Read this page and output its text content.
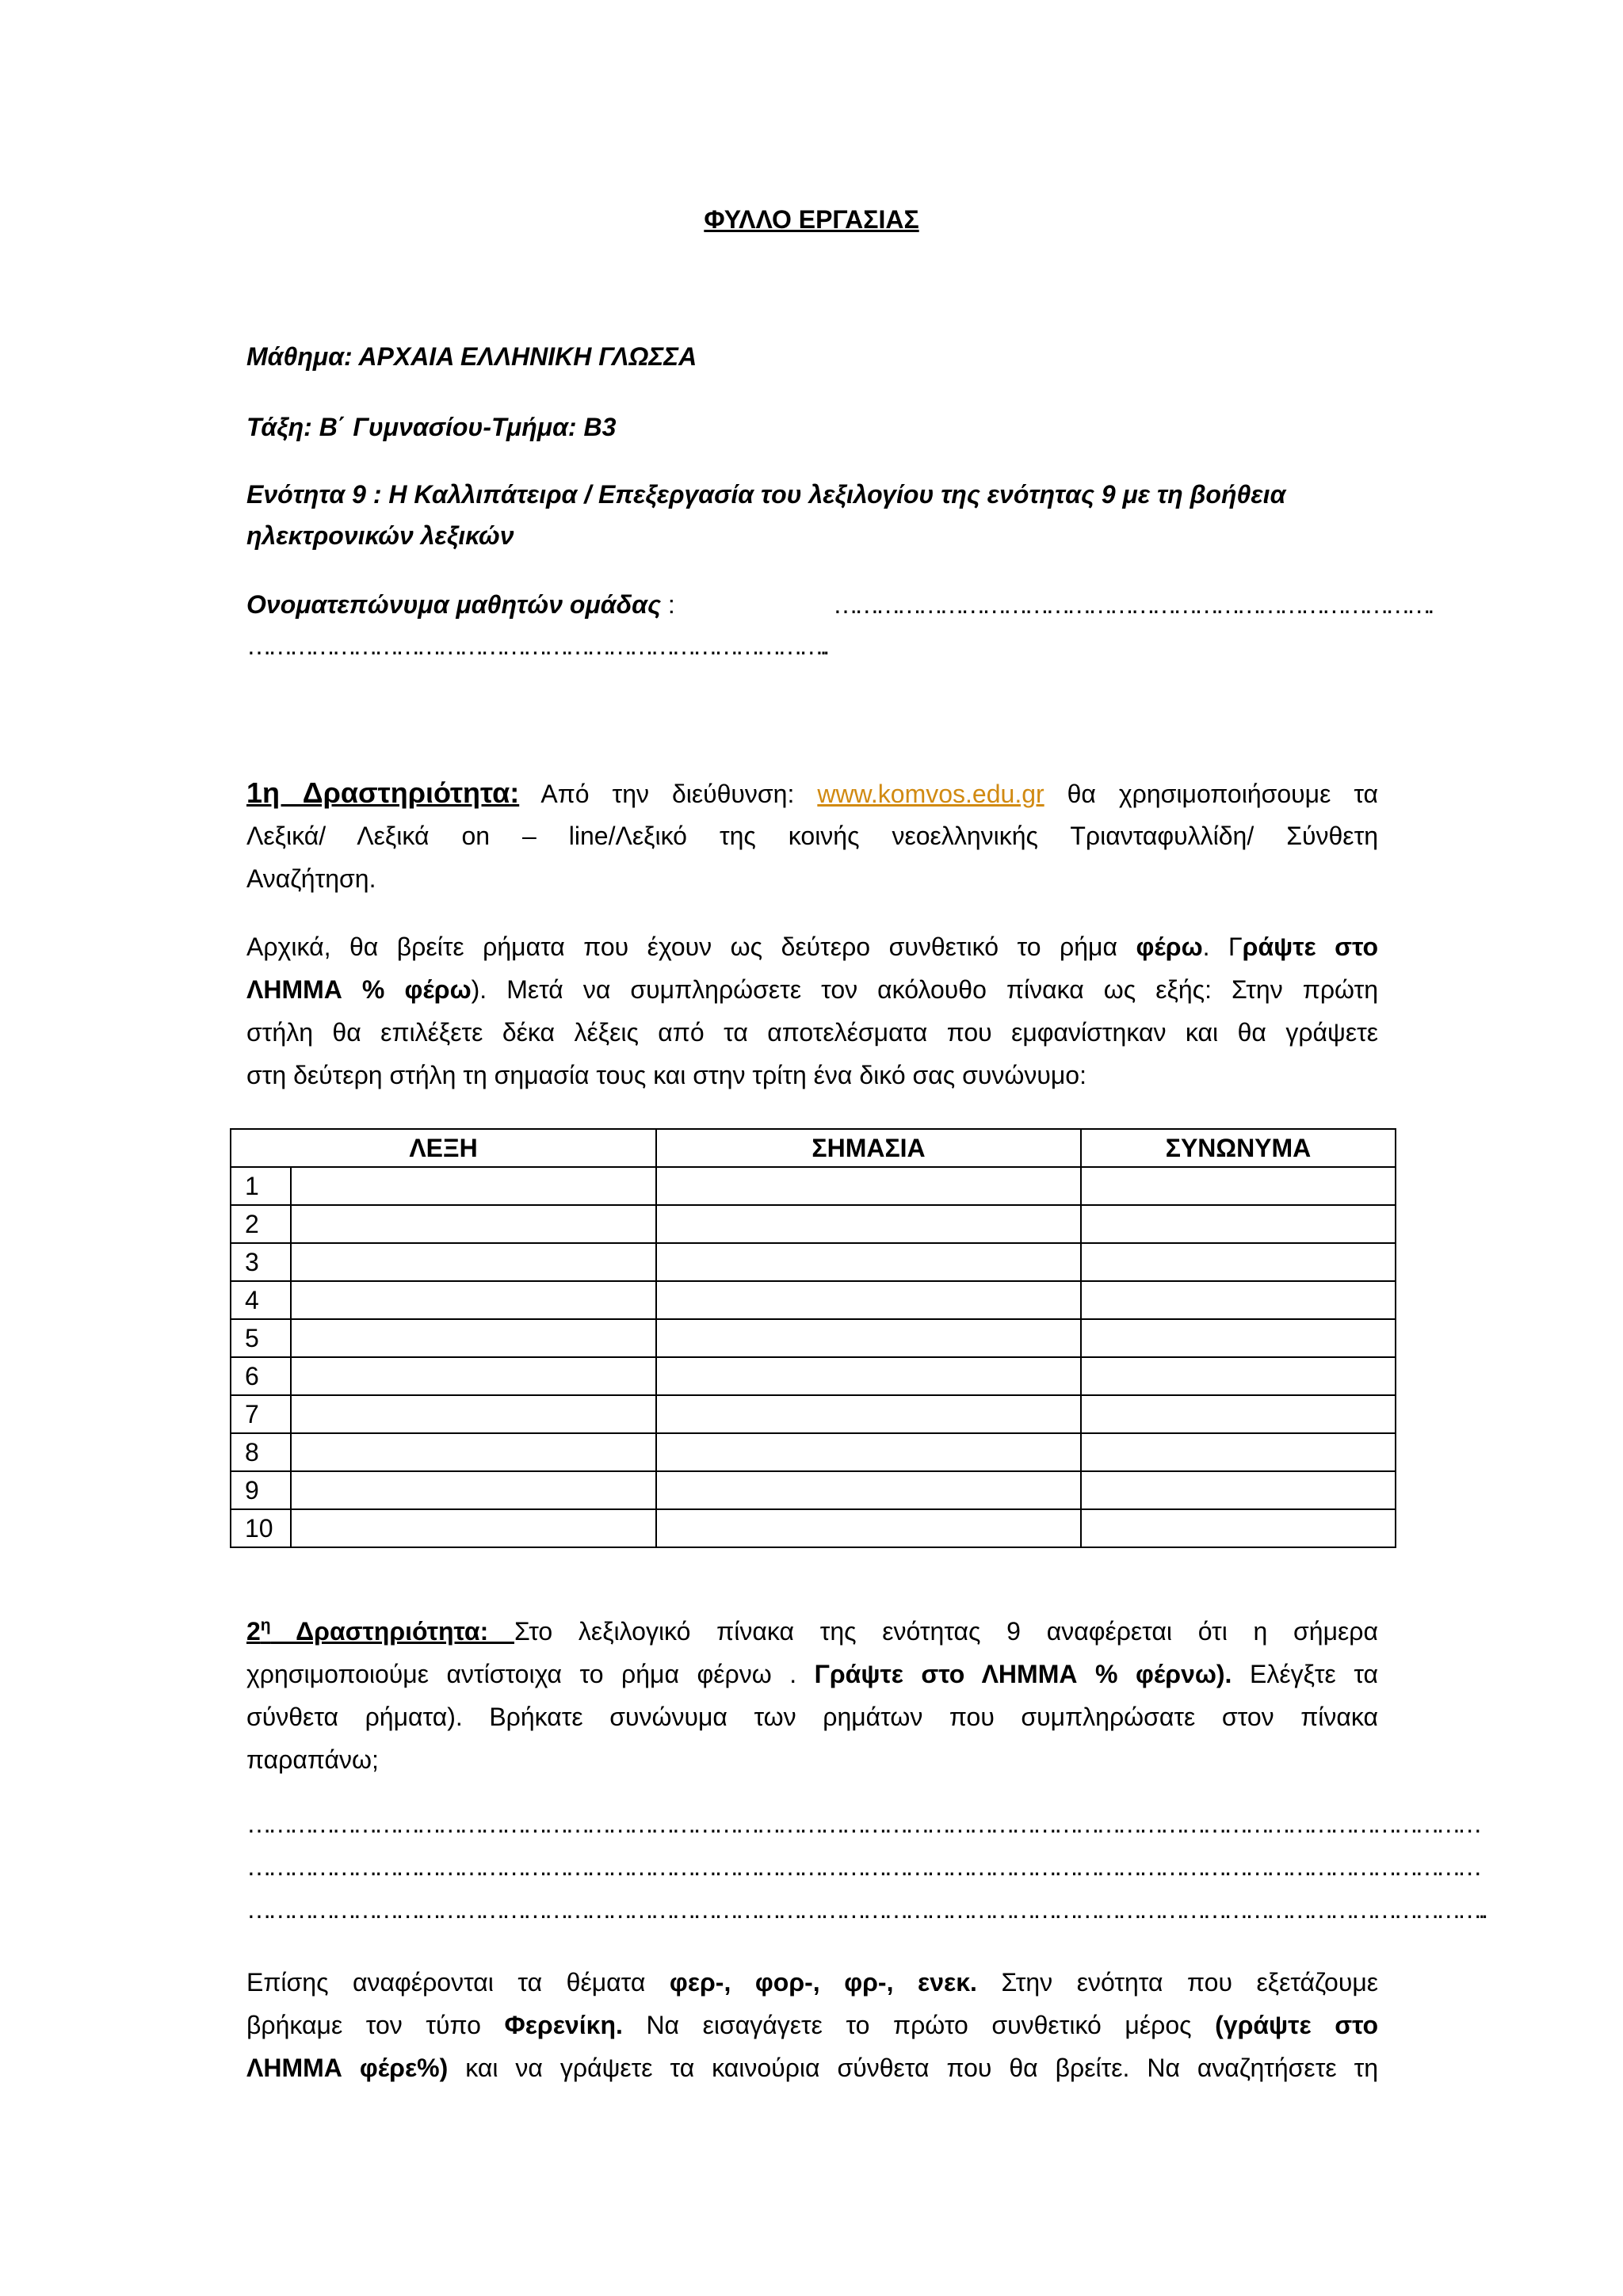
ΦΥΛΛΟ ΕΡΓΑΣΙΑΣ
Μάθημα: ΑΡΧΑΙΑ ΕΛΛΗΝΙΚΗ ΓΛΩΣΣΑ
Τάξη: Β΄ Γυμνασίου-Τμήμα: Β3
Ενότητα 9 : Η Καλλιπάτειρα / Επεξεργασία του λεξιλογίου της ενότητας 9 με τη βοήθεια
ηλεκτρονικών λεξικών
Ονοματεπώνυμα μαθητών ομάδας :	………………………………………………………………………….
………………………………………………………………………..
1η Δραστηριότητα: Από την διεύθυνση: www.komvos.edu.gr θα χρησιμοποιήσουμε τα
Λεξικά/ Λεξικά on – line/Λεξικό της κοινής νεοελληνικής Τριανταφυλλίδη/ Σύνθετη
Αναζήτηση.
Αρχικά, θα βρείτε ρήματα που έχουν ως δεύτερο συνθετικό το ρήμα φέρω. Γράψτε στο
ΛΗΜΜΑ % φέρω). Μετά να συμπληρώσετε τον ακόλουθο πίνακα ως εξής: Στην πρώτη
στήλη θα επιλέξετε δέκα λέξεις από τα αποτελέσματα που εμφανίστηκαν και θα γράψετε
στη δεύτερη στήλη τη σημασία τους και στην τρίτη ένα δικό σας συνώνυμο:
ΛΕΞΗ		ΣΗΜΑΣΙΑ	ΣΥΝΩΝΥΜΑ
1			
2			
3			
4			
5			
6			
7			
8			
9			
10			
$2^\eta$ Δραστηριότητα: Στο λεξιλογικό πίνακα της ενότητας 9 αναφέρεται ότι η σήμερα
χρησιμοποιούμε αντίστοιχα το ρήμα φέρνω . Γράψτε στο ΛΗΜΜΑ % φέρνω). Ελέγξτε τα
σύνθετα ρήματα). Βρήκατε συνώνυμα των ρημάτων που συμπληρώσατε στον πίνακα
παραπάνω;
…………………………………………………………………………………………………………………………………………………………
…………………………………………………………………………………………………………………………………………………………
…………………………………………………………………………………………………………………………………………………………..
Επίσης αναφέρονται τα θέματα φερ-, φορ-, φρ-, ενεκ. Στην ενότητα που εξετάζουμε
βρήκαμε τον τύπο Φερενίκη. Να εισαγάγετε το πρώτο συνθετικό μέρος (γράψτε στο
ΛΗΜΜΑ φέρε%) και να γράψετε τα καινούρια σύνθετα που θα βρείτε. Να αναζητήσετε τη
